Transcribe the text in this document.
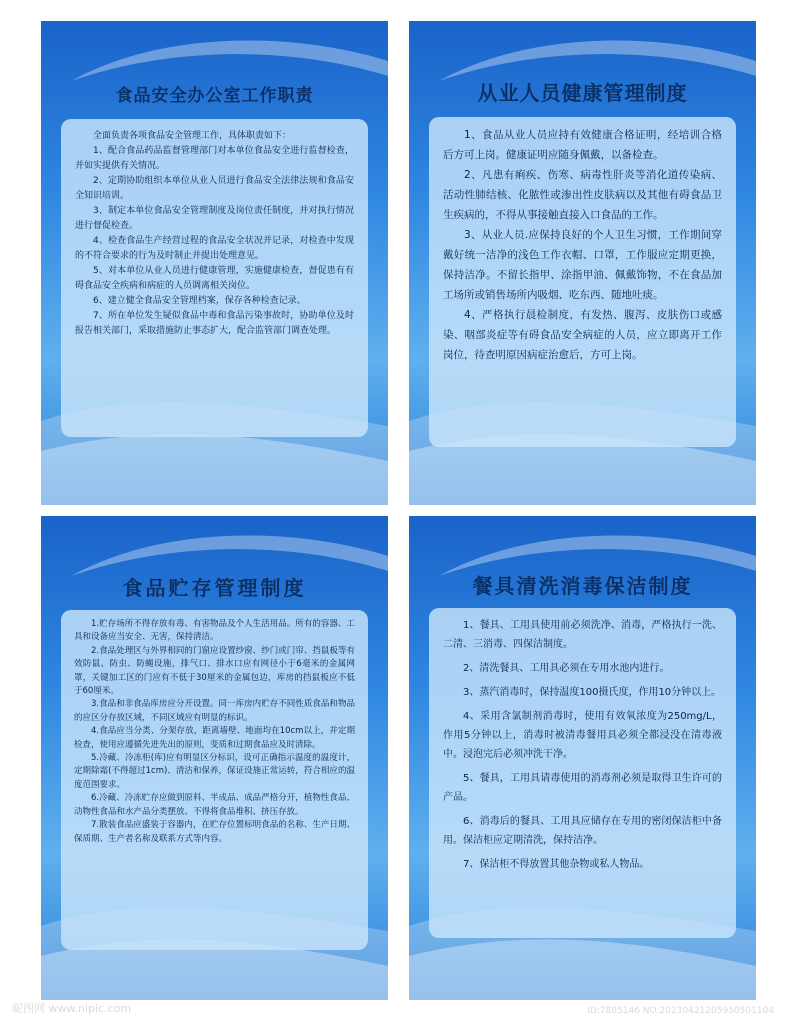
食品安全办公室工作职责

全面负责各项食品安全管理工作，具体职责如下：

1、配合食品药品监督管理部门对本单位食品安全进行监督检查，并如实提供有关情况。

2、定期协助组织本单位从业人员进行食品安全法律法规和食品安全知识培训。

3、制定本单位食品安全管理制度及岗位责任制度，并对执行情况进行督促检查。

4、检查食品生产经营过程的食品安全状况并记录，对检查中发现的不符合要求的行为及时制止并提出处理意见。

5、对本单位从业人员进行健康管理，实施健康检查，督促患有有碍食品安全疾病和病症的人员调离相关岗位。

6、建立健全食品安全管理档案，保存各种检查记录。

7、所在单位发生疑似食品中毒和食品污染事故时，协助单位及时报告相关部门，采取措施防止事态扩大，配合监管部门调查处理。

从业人员健康管理制度

1、食品从业人员应持有效健康合格证明，经培训合格后方可上岗。健康证明应随身佩戴，以备检查。

2、凡患有痢疾、伤寒、病毒性肝炎等消化道传染病、活动性肺结核、化脓性或渗出性皮肤病以及其他有碍食品卫生疾病的，不得从事接触直接入口食品的工作。

3、从业人员.应保持良好的个人卫生习惯，工作期间穿戴好统一洁净的浅色工作衣帽、口罩，工作服应定期更换，保持洁净。不留长指甲、涂指甲油、佩戴饰物，不在食品加工场所或销售场所内吸烟、吃东西、随地吐痰。

4、严格执行晨检制度，有发热、腹泻、皮肤伤口或感染、咽部炎症等有碍食品安全病症的人员，应立即离开工作岗位，待查明原因病症治愈后，方可上岗。

食品贮存管理制度

1.贮存场所不得存放有毒、有害物品及个人生活用品。所有的容器、工具和设备应当安全、无害，保持清洁。

2.食品处理区与外界相同的门窗应设置纱窗、纱门或门帘、挡鼠板等有效防鼠、防虫、防蝇设施，排气口、排水口应有网径小于6毫米的金属网罩，关键加工区的门应有不低于30厘米的金属包边，库房的挡鼠板应不低于60厘米。

3.食品和非食品库房应分开设置。同一库房内贮存不同性质食品和物品的应区分存放区域，不同区域应有明显的标识。

4.食品应当分类、分架存放，距离墙壁、地面均在10cm以上，并定期检查，使用应遵循先进先出的原则，变质和过期食品应及时清除。

5.冷藏、冷冻柜(库)应有明显区分标识，设可正确指示温度的温度计，定期除霜(不得超过1cm)、清洁和保养，保证设施正常运转，符合相应的温度范围要求。

6.冷藏、冷冻贮存应做到原料、半成品、成品严格分开，植物性食品、动物性食品和水产品分类摆放。不得将食品堆积、挤压存放。

7.散装食品应盛装于容器内，在贮存位置标明食品的名称、生产日期、保质期、生产者名称及联系方式等内容。

餐具清洗消毒保洁制度

1、餐具、工用具使用前必须洗净、消毒，严格执行一洗、二清、三消毒、四保洁制度。

2、清洗餐具、工用具必须在专用水池内进行。

3、蒸汽消毒时，保持温度100摄氏度，作用10分钟以上。

4、采用含氯制剂消毒时，使用有效氧浓度为250mg/L，作用5分钟以上，消毒时被清毒餐用具必须全都浸没在清毒液中。浸泡完后必须冲洗干净。

5、餐具，工用具请毒使用的消毒剂必须是取得卫生许可的产品。

6、消毒后的餐具、工用具应储存在专用的密闭保洁柜中备用。保洁柜应定期清洗，保持洁净。

7、保洁柜不得放置其他杂物或私人物品。

昵图网 www.nipic.com	ID:7805146 NO:20230421205950501104
